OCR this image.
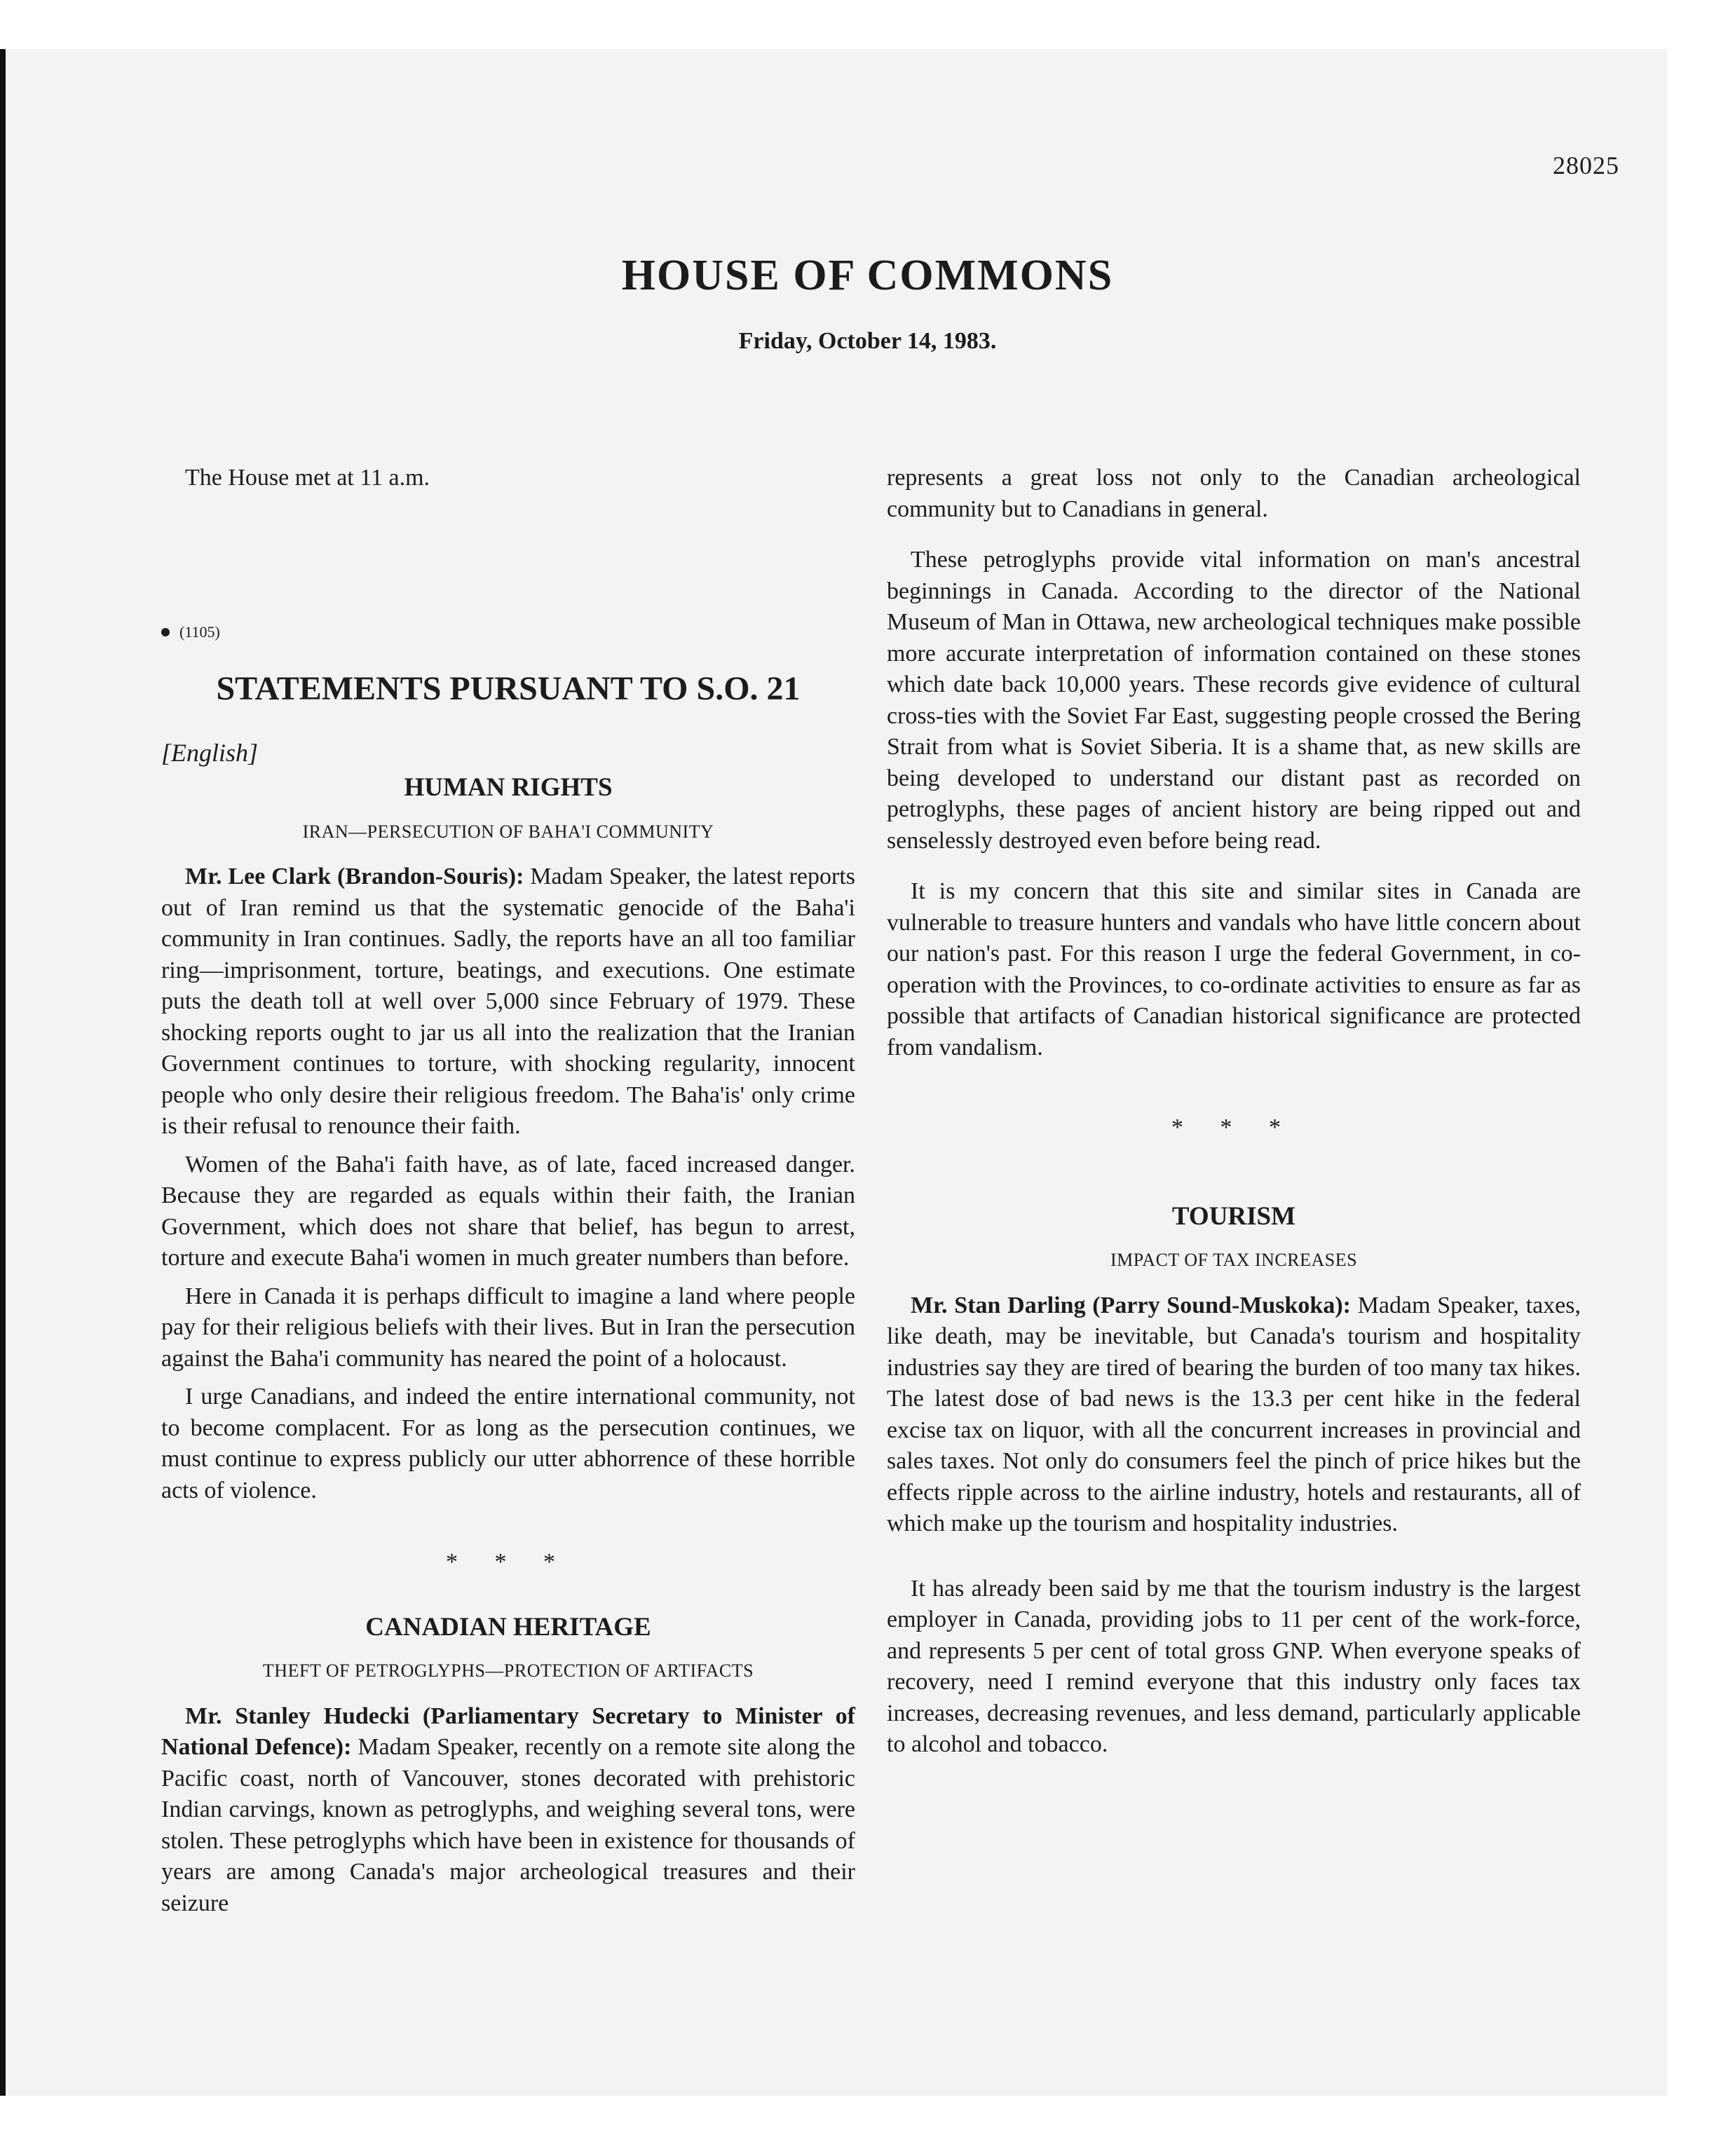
28025
HOUSE OF COMMONS

Friday, October 14, 1983.

The House met at 11 a.m.

(1105)
STATEMENTS PURSUANT TO S.O. 21

[English]

HUMAN RIGHTS
IRAN—PERSECUTION OF BAHA'I COMMUNITY

Mr. Lee Clark (Brandon-Souris): Madam Speaker, the latest reports out of Iran remind us that the systematic genocide of the Baha'i community in Iran continues. Sadly, the reports have an all too familiar ring—imprisonment, torture, beatings, and executions. One estimate puts the death toll at well over 5,000 since February of 1979. These shocking reports ought to jar us all into the realization that the Iranian Government continues to torture, with shocking regularity, innocent people who only desire their religious freedom. The Baha'is' only crime is their refusal to renounce their faith.

Women of the Baha'i faith have, as of late, faced increased danger. Because they are regarded as equals within their faith, the Iranian Government, which does not share that belief, has begun to arrest, torture and execute Baha'i women in much greater numbers than before.

Here in Canada it is perhaps difficult to imagine a land where people pay for their religious beliefs with their lives. But in Iran the persecution against the Baha'i community has neared the point of a holocaust.

I urge Canadians, and indeed the entire international community, not to become complacent. For as long as the persecution continues, we must continue to express publicly our utter abhorrence of these horrible acts of violence.

* * *
CANADIAN HERITAGE
THEFT OF PETROGLYPHS—PROTECTION OF ARTIFACTS

Mr. Stanley Hudecki (Parliamentary Secretary to Minister of National Defence): Madam Speaker, recently on a remote site along the Pacific coast, north of Vancouver, stones decorated with prehistoric Indian carvings, known as petroglyphs, and weighing several tons, were stolen. These petroglyphs which have been in existence for thousands of years are among Canada's major archeological treasures and their seizure

represents a great loss not only to the Canadian archeological community but to Canadians in general.

These petroglyphs provide vital information on man's ancestral beginnings in Canada. According to the director of the National Museum of Man in Ottawa, new archeological techniques make possible more accurate interpretation of information contained on these stones which date back 10,000 years. These records give evidence of cultural cross-ties with the Soviet Far East, suggesting people crossed the Bering Strait from what is Soviet Siberia. It is a shame that, as new skills are being developed to understand our distant past as recorded on petroglyphs, these pages of ancient history are being ripped out and senselessly destroyed even before being read.

It is my concern that this site and similar sites in Canada are vulnerable to treasure hunters and vandals who have little concern about our nation's past. For this reason I urge the federal Government, in co-operation with the Provinces, to co-ordinate activities to ensure as far as possible that artifacts of Canadian historical significance are protected from vandalism.

* * *
TOURISM
IMPACT OF TAX INCREASES

Mr. Stan Darling (Parry Sound-Muskoka): Madam Speaker, taxes, like death, may be inevitable, but Canada's tourism and hospitality industries say they are tired of bearing the burden of too many tax hikes. The latest dose of bad news is the 13.3 per cent hike in the federal excise tax on liquor, with all the concurrent increases in provincial and sales taxes. Not only do consumers feel the pinch of price hikes but the effects ripple across to the airline industry, hotels and restaurants, all of which make up the tourism and hospitality industries.

It has already been said by me that the tourism industry is the largest employer in Canada, providing jobs to 11 per cent of the work-force, and represents 5 per cent of total gross GNP. When everyone speaks of recovery, need I remind everyone that this industry only faces tax increases, decreasing revenues, and less demand, particularly applicable to alcohol and tobacco.
